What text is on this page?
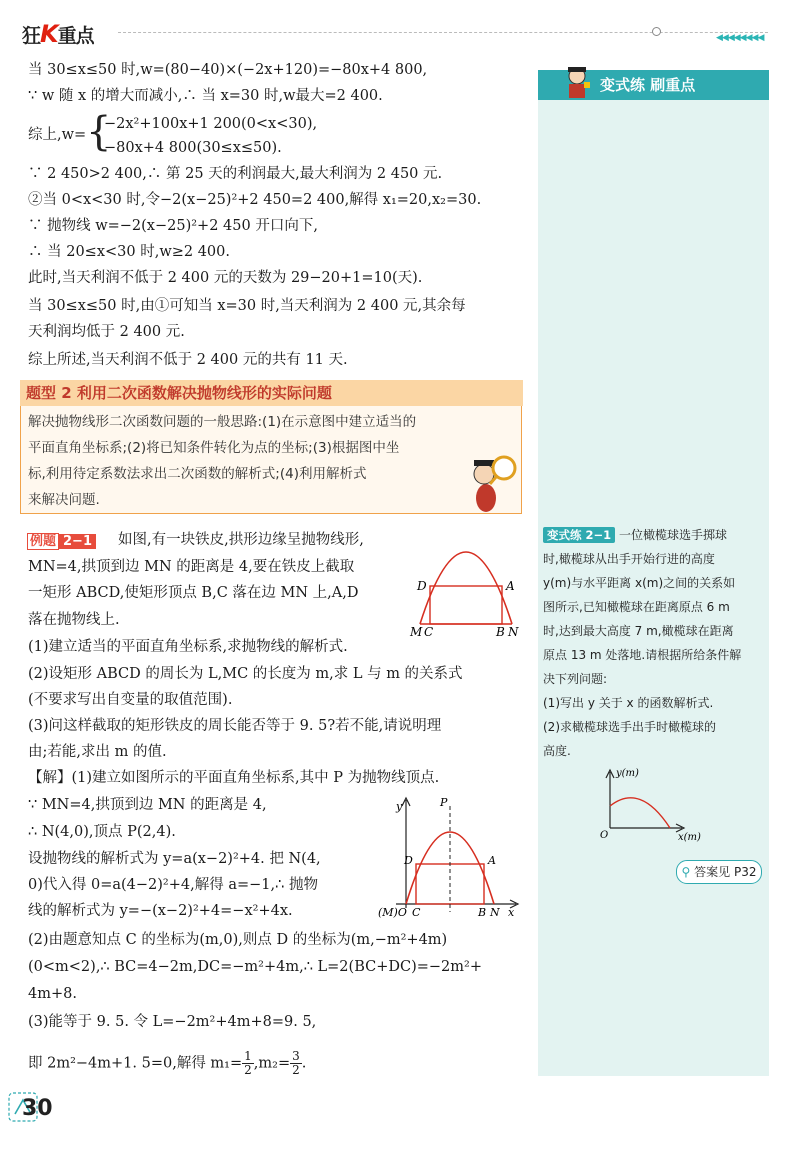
狂K重点	◀◀◀◀◀◀◀◀
当 30≤x≤50 时,w=(80−40)×(−2x+120)=−80x+4 800,
∵ w 随 x 的增大而减小,∴ 当 x=30 时,w最大=2 400.
综上,w= {
−2x²+100x+1 200(0<x<30),
−80x+4 800(30≤x≤50).
∵ 2 450>2 400,∴ 第 25 天的利润最大,最大利润为 2 450 元.
②当 0<x<30 时,令−2(x−25)²+2 450=2 400,解得 x₁=20,x₂=30.
∵ 抛物线 w=−2(x−25)²+2 450 开口向下,
∴ 当 20≤x<30 时,w≥2 400.
此时,当天利润不低于 2 400 元的天数为 29−20+1=10(天).
当 30≤x≤50 时,由①可知当 x=30 时,当天利润为 2 400 元,其余每
天利润均低于 2 400 元.
综上所述,当天利润不低于 2 400 元的共有 11 天.
题型 2 利用二次函数解决抛物线形的实际问题
解决抛物线形二次函数问题的一般思路:(1)在示意图中建立适当的
平面直角坐标系;(2)将已知条件转化为点的坐标;(3)根据图中坐
标,利用待定系数法求出二次函数的解析式;(4)利用解析式
来解决问题.
例题 2−1 如图,有一块铁皮,拱形边缘呈抛物线形,
MN=4,拱顶到边 MN 的距离是 4,要在铁皮上截取
一矩形 ABCD,使矩形顶点 B,C 落在边 MN 上,A,D
落在抛物线上.
(1)建立适当的平面直角坐标系,求抛物线的解析式.
(2)设矩形 ABCD 的周长为 L,MC 的长度为 m,求 L 与 m 的关系式
(不要求写出自变量的取值范围).
(3)问这样截取的矩形铁皮的周长能否等于 9. 5?若不能,请说明理
由;若能,求出 m 的值.
D	A
M C	B N
【解】(1)建立如图所示的平面直角坐标系,其中 P 为抛物线顶点.
∵ MN=4,拱顶到边 MN 的距离是 4,
∴ N(4,0),顶点 P(2,4).
设抛物线的解析式为 y=a(x−2)²+4. 把 N(4,
0)代入得 0=a(4−2)²+4,解得 a=−1,∴ 抛物
线的解析式为 y=−(x−2)²+4=−x²+4x.
(2)由题意知点 C 的坐标为(m,0),则点 D 的坐标为(m,−m²+4m)
(0<m<2),∴ BC=4−2m,DC=−m²+4m,∴ L=2(BC+DC)=−2m²+
4m+8.
(3)能等于 9. 5. 令 L=−2m²+4m+8=9. 5,
即 2m²−4m+1. 5=0,解得 $m_1= \frac{1}{2} ,m_2= \frac{3}{2}$ .
y	P
D	A
(M)O C	B N x
变式练 刷重点
变式练 2−1 一位橄榄球选手掷球
时,橄榄球从出手开始行进的高度
y(m)与水平距离 x(m)之间的关系如
图所示,已知橄榄球在距离原点 6 m
时,达到最大高度 7 m,橄榄球在距离
原点 13 m 处落地.请根据所给条件解
决下列问题:
(1)写出 y 关于 x 的函数解析式.
(2)求橄榄球选手出手时橄榄球的
高度.
y(m)
x(m)
O
⚲ 答案见 P32
30
